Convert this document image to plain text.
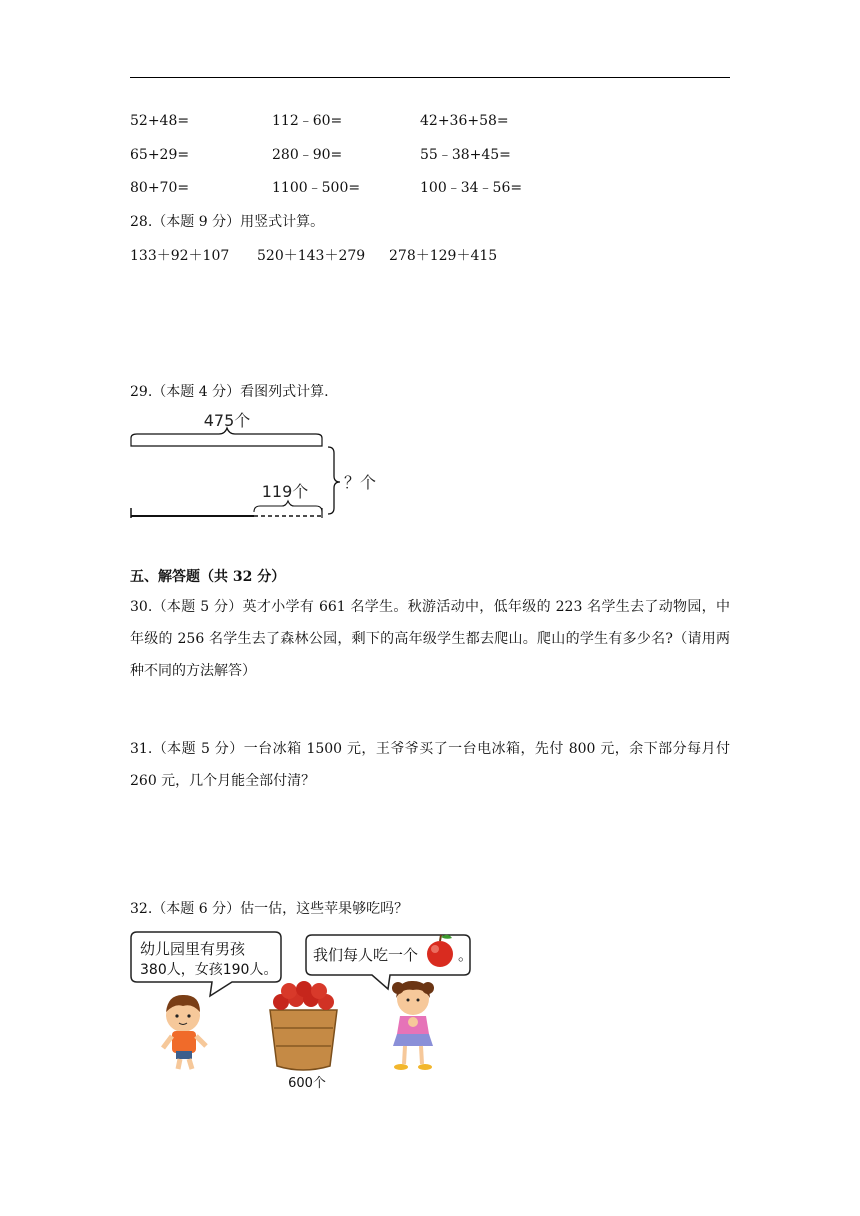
52+48=	112﹣60=	42+36+58=
65+29=	280﹣90=	55﹣38+45=
80+70=	1100﹣500=	100﹣34﹣56=
28.（本题 9 分）用竖式计算。
133＋92＋107 520＋143＋279 278＋129＋415
29.（本题 4 分）看图列式计算.
475个
119个 ？个
五、解答题（共 32 分）
30.（本题 5 分）英才小学有 661 名学生。秋游活动中，低年级的 223 名学生去了动物园，中年级的 256 名学生去了森林公园，剩下的高年级学生都去爬山。爬山的学生有多少名?（请用两种不同的方法解答）
31.（本题 5 分）一台冰箱 1500 元，王爷爷买了一台电冰箱，先付 800 元，余下部分每月付 260 元，几个月能全部付清？
32.（本题 6 分）估一估，这些苹果够吃吗？
幼儿园里有男孩
380人，女孩190人。
我们每人吃一个	。
600个
